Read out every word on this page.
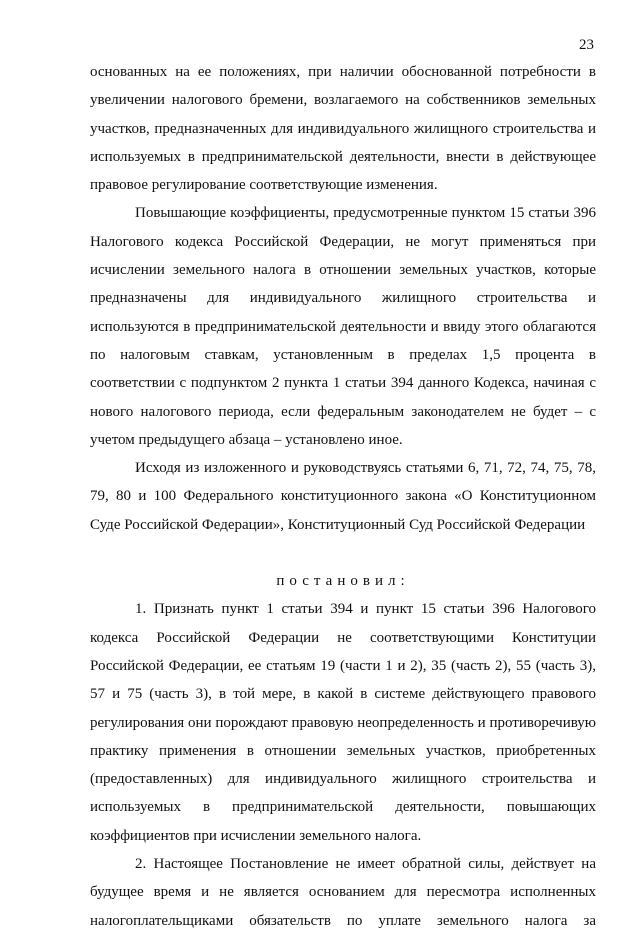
23

основанных на ее положениях, при наличии обоснованной потребности в увеличении налогового бремени, возлагаемого на собственников земельных участков, предназначенных для индивидуального жилищного строительства и используемых в предпринимательской деятельности, внести в действующее правовое регулирование соответствующие изменения.

Повышающие коэффициенты, предусмотренные пунктом 15 статьи 396 Налогового кодекса Российской Федерации, не могут применяться при исчислении земельного налога в отношении земельных участков, которые предназначены для индивидуального жилищного строительства и используются в предпринимательской деятельности и ввиду этого облагаются по налоговым ставкам, установленным в пределах 1,5 процента в соответствии с подпунктом 2 пункта 1 статьи 394 данного Кодекса, начиная с нового налогового периода, если федеральным законодателем не будет – с учетом предыдущего абзаца – установлено иное.

Исходя из изложенного и руководствуясь статьями 6, 71, 72, 74, 75, 78, 79, 80 и 100 Федерального конституционного закона «О Конституционном Суде Российской Федерации», Конституционный Суд Российской Федерации

постановил:

1. Признать пункт 1 статьи 394 и пункт 15 статьи 396 Налогового кодекса Российской Федерации не соответствующими Конституции Российской Федерации, ее статьям 19 (части 1 и 2), 35 (часть 2), 55 (часть 3), 57 и 75 (часть 3), в той мере, в какой в системе действующего правового регулирования они порождают правовую неопределенность и противоречивую практику применения в отношении земельных участков, приобретенных (предоставленных) для индивидуального жилищного строительства и используемых в предпринимательской деятельности, повышающих коэффициентов при исчислении земельного налога.

2. Настоящее Постановление не имеет обратной силы, действует на будущее время и не является основанием для пересмотра исполненных налогоплательщиками обязательств по уплате земельного налога за
